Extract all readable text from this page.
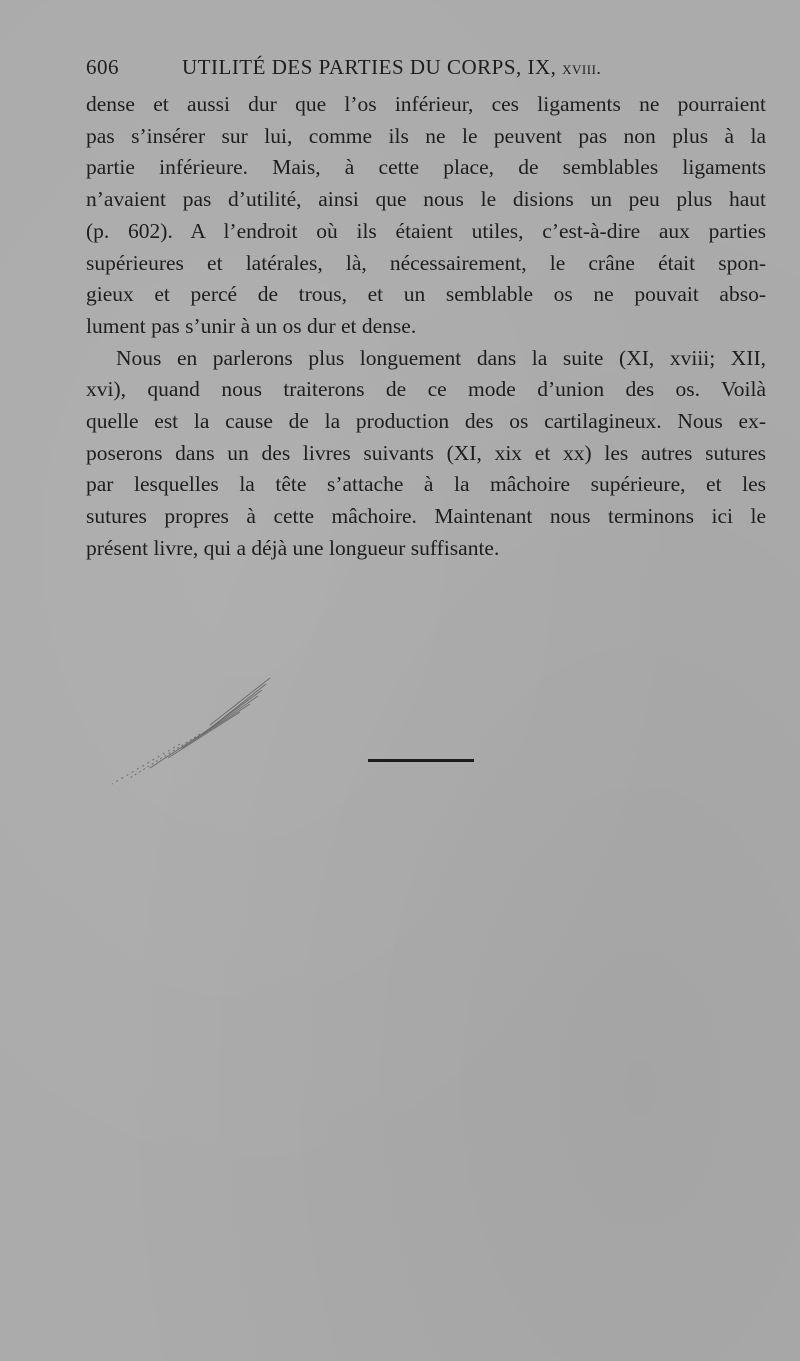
606	UTILITÉ DES PARTIES DU CORPS, IX, xviii.
dense et aussi dur que l’os inférieur, ces ligaments ne pourraient
pas s’insérer sur lui, comme ils ne le peuvent pas non plus à la
partie inférieure. Mais, à cette place, de semblables ligaments
n’avaient pas d’utilité, ainsi que nous le disions un peu plus haut
(p. 602). A l’endroit où ils étaient utiles, c’est-à-dire aux parties
supérieures et latérales, là, nécessairement, le crâne était spon-
gieux et percé de trous, et un semblable os ne pouvait abso-
lument pas s’unir à un os dur et dense.
Nous en parlerons plus longuement dans la suite (XI, xviii; XII,
xvi), quand nous traiterons de ce mode d’union des os. Voilà
quelle est la cause de la production des os cartilagineux. Nous ex-
poserons dans un des livres suivants (XI, xix et xx) les autres sutures
par lesquelles la tête s’attache à la mâchoire supérieure, et les
sutures propres à cette mâchoire. Maintenant nous terminons ici le
présent livre, qui a déjà une longueur suffisante.
